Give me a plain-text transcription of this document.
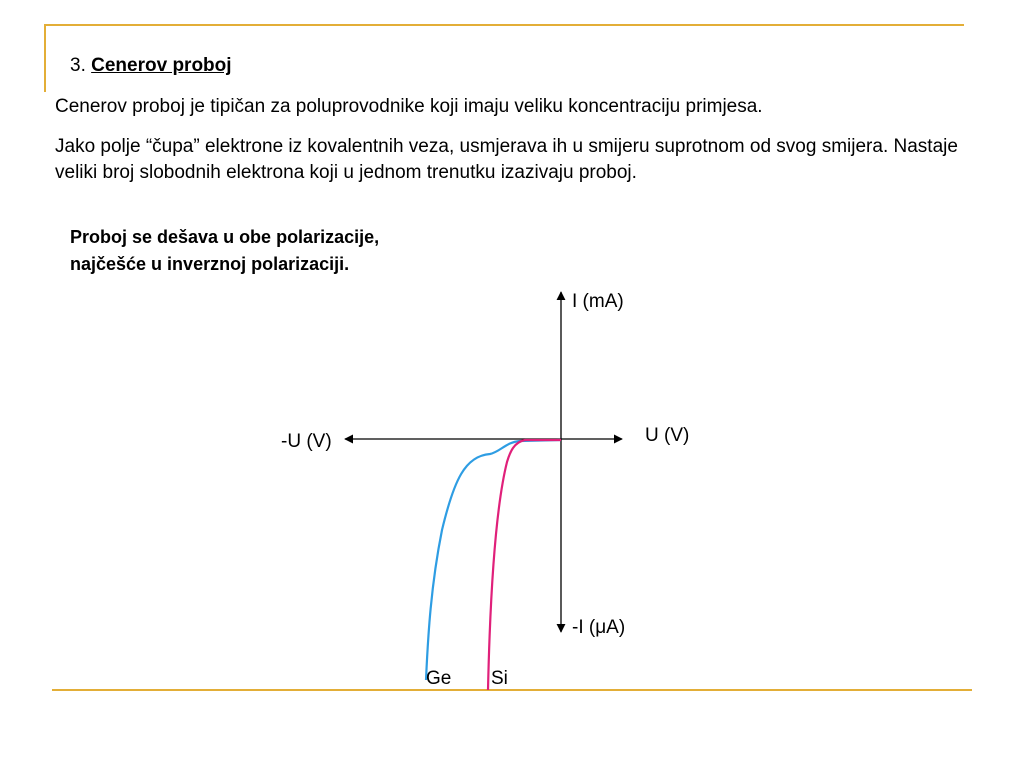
3. Cenerov proboj

Cenerov proboj je tipičan za poluprovodnike koji imaju veliku koncentraciju primjesa.

Jako polje “čupa” elektrone iz kovalentnih veza, usmjerava ih u smijeru suprotnom od svog smijera. Nastaje veliki broj slobodnih elektrona koji u jednom trenutku izazivaju proboj.

Proboj se dešava u obe polarizacije,
najčešće u inverznoj polarizaciji.
I (mA)
-I (μA)
U (V)
-U (V)
Ge Si
